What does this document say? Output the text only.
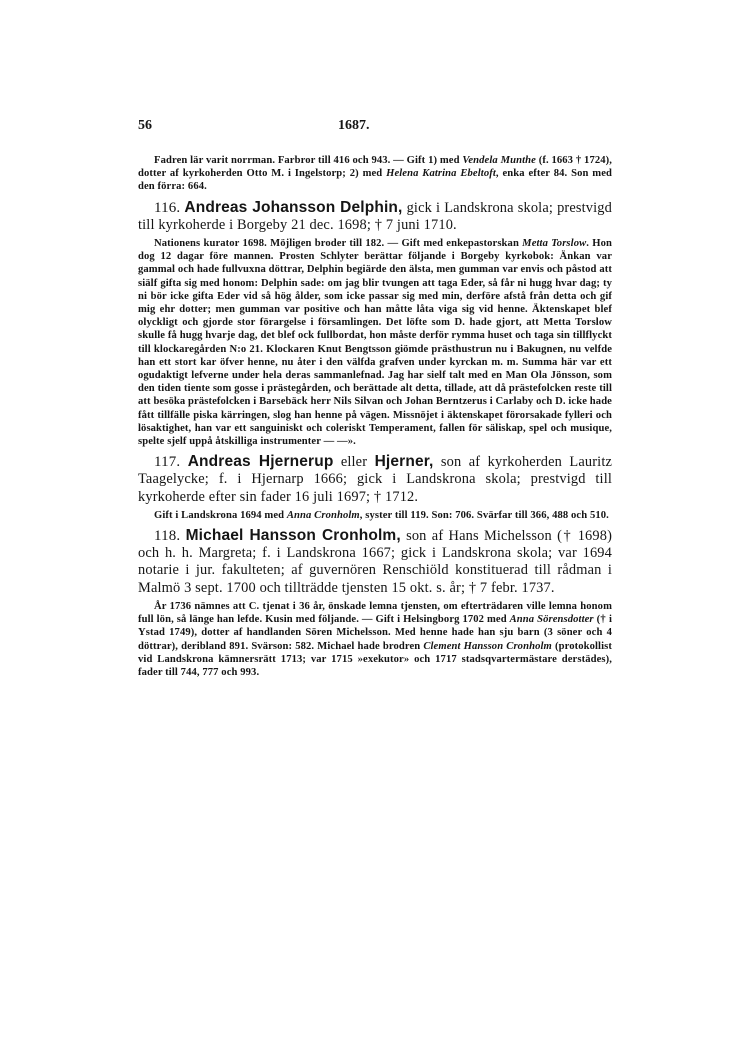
56	1687.

Fadren lär varit norrman. Farbror till 416 och 943. — Gift 1) med Vendela Munthe (f. 1663 † 1724), dotter af kyrkoherden Otto M. i Ingelstorp; 2) med Helena Katrina Ebeltoft, enka efter 84. Son med den förra: 664.

116. Andreas Johansson Delphin, gick i Landskrona skola; prestvigd till kyrkoherde i Borgeby 21 dec. 1698; † 7 juni 1710.

Nationens kurator 1698. Möjligen broder till 182. — Gift med enkepastorskan Metta Torslow. Hon dog 12 dagar före mannen. Prosten Schlyter berättar följande i Borgeby kyrkobok: Änkan var gammal och hade fullvuxna döttrar, Delphin begiärde den älsta, men gumman var envis och påstod att siälf gifta sig med honom: Delphin sade: om jag blir tvungen att taga Eder, så får ni hugg hvar dag; ty ni bör icke gifta Eder vid så hög ålder, som icke passar sig med min, derföre afstå från detta och gif mig ehr dotter; men gumman var positive och han måtte låta viga sig vid henne. Äktenskapet blef olyckligt och gjorde stor förargelse i församlingen. Det löfte som D. hade gjort, att Metta Torslow skulle få hugg hvarje dag, det blef ock fullbordat, hon måste derför rymma huset och taga sin tillflyckt till klockaregården N:o 21. Klockaren Knut Bengtsson giömde prästhustrun nu i Bakugnen, nu velfde han ett stort kar öfver henne, nu åter i den välfda grafven under kyrckan m. m. Summa här var ett ogudaktigt lefverne under hela deras sammanlefnad. Jag har sielf talt med en Man Ola Jönsson, som den tiden tiente som gosse i prästegården, och berättade alt detta, tillade, att då prästefolcken reste till att besöka prästefolcken i Barsebäck herr Nils Silvan och Johan Berntzerus i Carlaby och D. icke hade fått tillfälle piska kärringen, slog han henne på vägen. Missnöjet i äktenskapet förorsakade fylleri och lösaktighet, han var ett sanguiniskt och coleriskt Temperament, fallen för säliskap, spel och musique, spelte sjelf uppå åtskilliga instrumenter — —».

117. Andreas Hjernerup eller Hjerner, son af kyrkoherden Lauritz Taagelycke; f. i Hjernarp 1666; gick i Landskrona skola; prestvigd till kyrkoherde efter sin fader 16 juli 1697; † 1712.

Gift i Landskrona 1694 med Anna Cronholm, syster till 119. Son: 706. Svärfar till 366, 488 och 510.

118. Michael Hansson Cronholm, son af Hans Michelsson († 1698) och h. h. Margreta; f. i Landskrona 1667; gick i Landskrona skola; var 1694 notarie i jur. fakulteten; af guvernören Renschiöld konstituerad till rådman i Malmö 3 sept. 1700 och tillträdde tjensten 15 okt. s. år; † 7 febr. 1737.

År 1736 nämnes att C. tjenat i 36 år, önskade lemna tjensten, om efterträdaren ville lemna honom full lön, så länge han lefde. Kusin med följande. — Gift i Helsingborg 1702 med Anna Sörensdotter († i Ystad 1749), dotter af handlanden Sören Michelsson. Med henne hade han sju barn (3 söner och 4 döttrar), deribland 891. Svärson: 582. Michael hade brodren Clement Hansson Cronholm (protokollist vid Landskrona kämnersrätt 1713; var 1715 »exekutor» och 1717 stadsqvartermästare derstädes), fader till 744, 777 och 993.
